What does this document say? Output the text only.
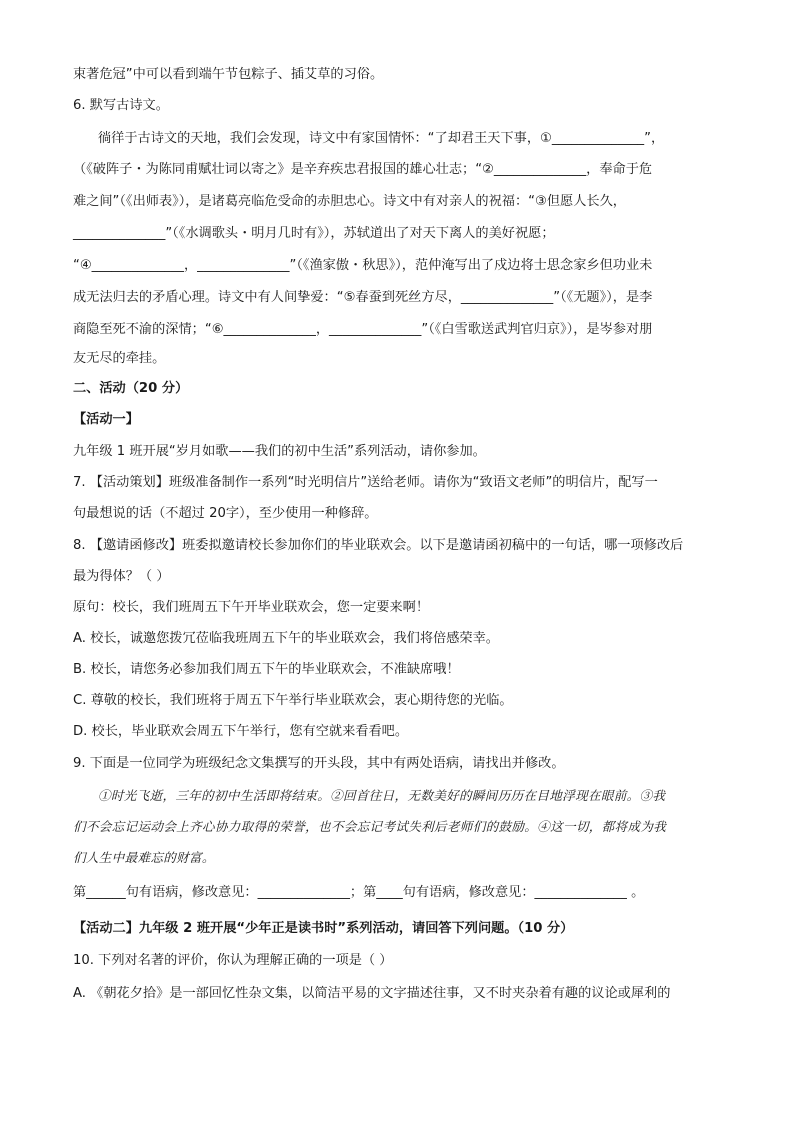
束著危冠”中可以看到端午节包粽子、插艾草的习俗。
6. 默写古诗文。
徜徉于古诗文的天地，我们会发现，诗文中有家国情怀：“了却君王天下事，①______________”，
（《破阵子・为陈同甫赋壮词以寄之》是辛弃疾忠君报国的雄心壮志；“②______________，奉命于危
难之间”（《出师表》），是诸葛亮临危受命的赤胆忠心。诗文中有对亲人的祝福：“③但愿人长久，
______________”（《水调歌头・明月几时有》），苏轼道出了对天下离人的美好祝愿；
“④______________，______________”（《渔家傲・秋思》），范仲淹写出了戍边将士思念家乡但功业未
成无法归去的矛盾心理。诗文中有人间挚爱：“⑤春蚕到死丝方尽，______________”（《无题》），是李
商隐至死不渝的深情；“⑥______________，______________”（《白雪歌送武判官归京》），是岑参对朋
友无尽的牵挂。
二、活动（20 分）
【活动一】
九年级 1 班开展“岁月如歌——我们的初中生活”系列活动，请你参加。
7. 【活动策划】班级准备制作一系列“时光明信片”送给老师。请你为“致语文老师”的明信片，配写一
句最想说的话（不超过 20字），至少使用一种修辞。
8. 【邀请函修改】班委拟邀请校长参加你们的毕业联欢会。以下是邀请函初稿中的一句话，哪一项修改后
最为得体？（ ）
原句：校长，我们班周五下午开毕业联欢会，您一定要来啊！
A. 校长，诚邀您拨冗莅临我班周五下午的毕业联欢会，我们将倍感荣幸。
B. 校长，请您务必参加我们周五下午的毕业联欢会，不准缺席哦！
C. 尊敬的校长，我们班将于周五下午举行毕业联欢会，衷心期待您的光临。
D. 校长，毕业联欢会周五下午举行，您有空就来看看吧。
9. 下面是一位同学为班级纪念文集撰写的开头段，其中有两处语病，请找出并修改。
①时光飞逝，三年的初中生活即将结束。②回首往日，无数美好的瞬间历历在目地浮现在眼前。③我
们不会忘记运动会上齐心协力取得的荣誉，也不会忘记考试失利后老师们的鼓励。④这一切，都将成为我
们人生中最难忘的财富。
第______句有语病，修改意见：______________；第____句有语病，修改意见：______________ 。
【活动二】九年级 2 班开展“少年正是读书时”系列活动，请回答下列问题。（10 分）
10. 下列对名著的评价，你认为理解正确的一项是（ ）
A. 《朝花夕拾》是一部回忆性杂文集，以简洁平易的文字描述往事，又不时夹杂着有趣的议论或犀利的
